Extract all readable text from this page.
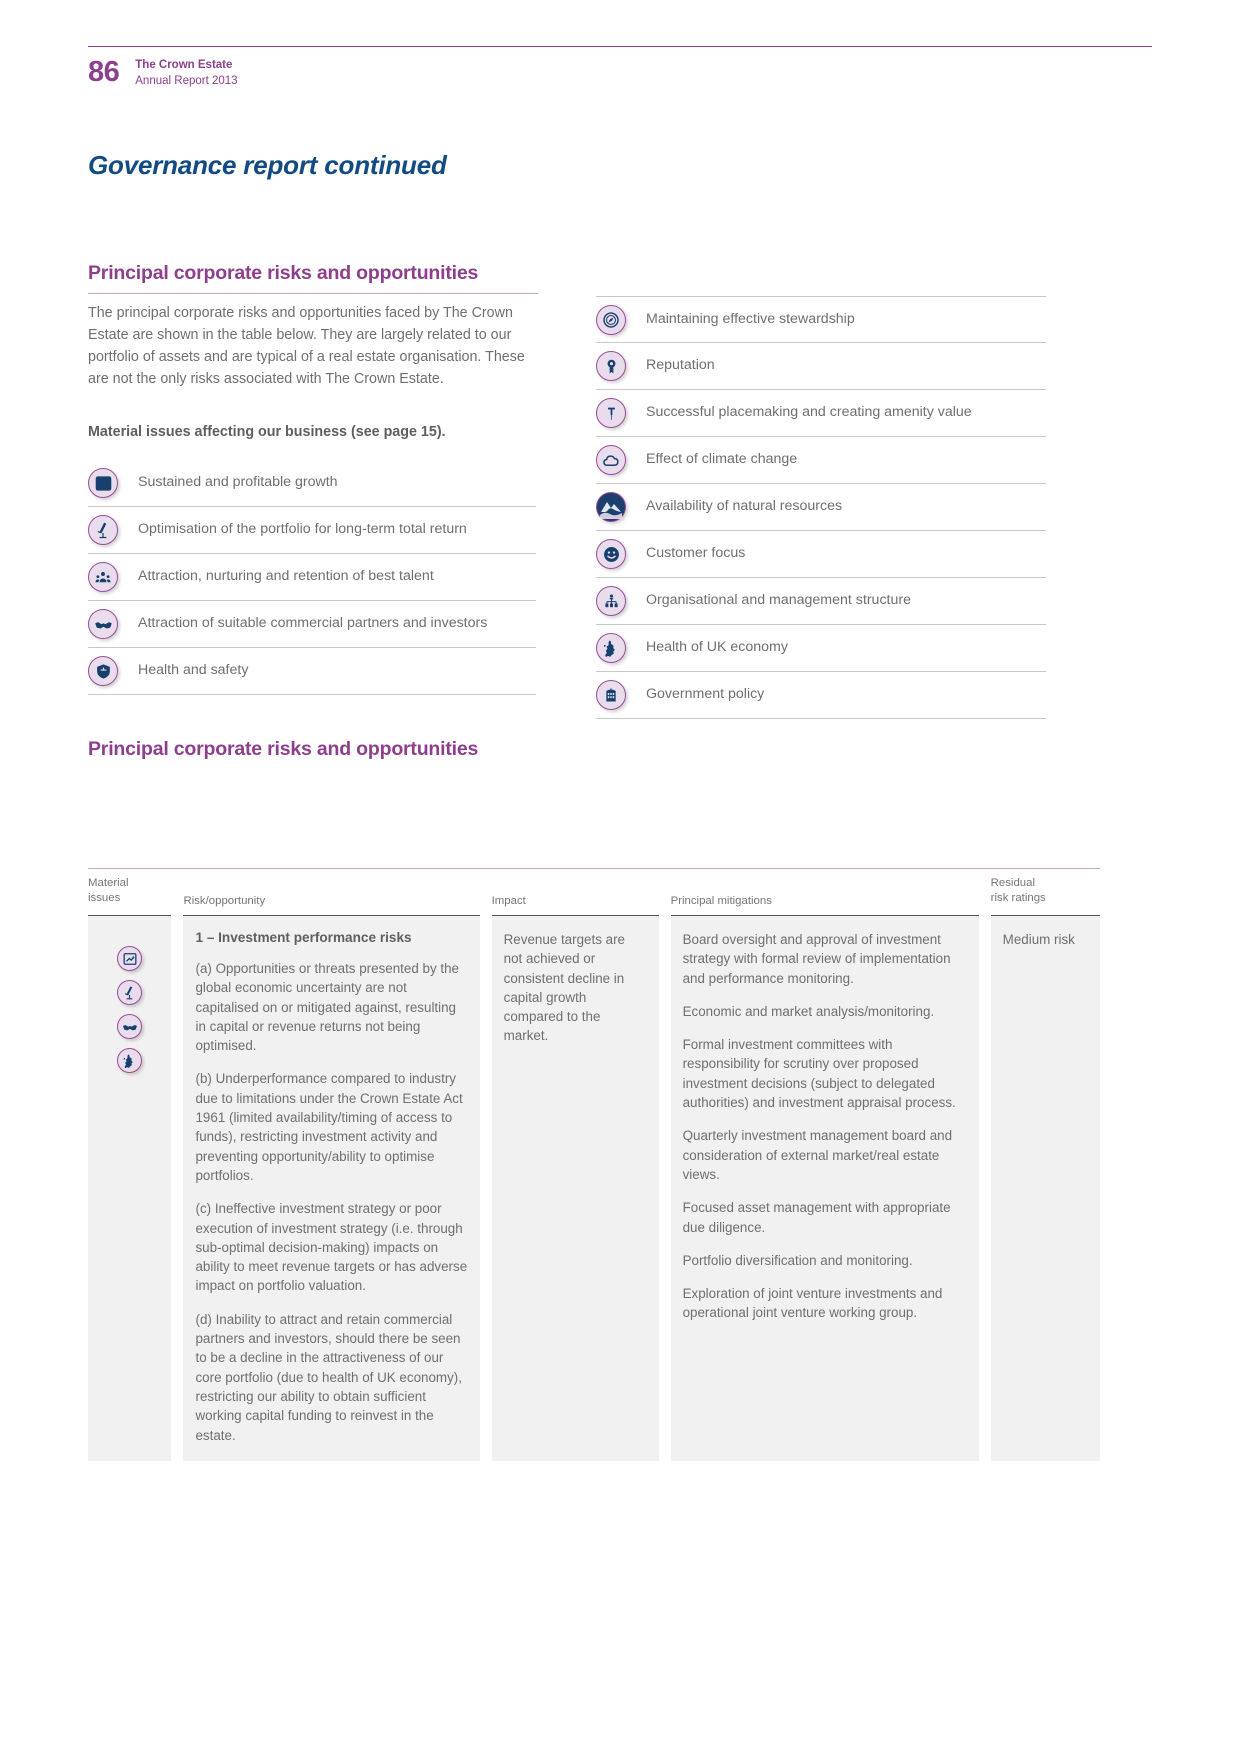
86 The Crown Estate
Annual Report 2013
Governance report continued
Principal corporate risks and opportunities
The principal corporate risks and opportunities faced by The Crown Estate are shown in the table below. They are largely related to our portfolio of assets and are typical of a real estate organisation. These are not the only risks associated with The Crown Estate.
Material issues affecting our business (see page 15).
Sustained and profitable growth
Optimisation of the portfolio for long-term total return
Attraction, nurturing and retention of best talent
Attraction of suitable commercial partners and investors
Health and safety
Maintaining effective stewardship
Reputation
Successful placemaking and creating amenity value
Effect of climate change
Availability of natural resources
Customer focus
Organisational and management structure
Health of UK economy
Government policy
Principal corporate risks and opportunities
Material
issues	Risk/opportunity
1 – Investment performance risks

(a) Opportunities or threats presented by the global economic uncertainty are not capitalised on or mitigated against, resulting in capital or revenue returns not being optimised.

(b) Underperformance compared to industry due to limitations under the Crown Estate Act 1961 (limited availability/timing of access to funds), restricting investment activity and preventing opportunity/ability to optimise portfolios.

(c) Ineffective investment strategy or poor execution of investment strategy (i.e. through sub-optimal decision-making) impacts on ability to meet revenue targets or has adverse impact on portfolio valuation.

(d) Inability to attract and retain commercial partners and investors, should there be seen to be a decline in the attractiveness of our core portfolio (due to health of UK economy), restricting our ability to obtain sufficient working capital funding to reinvest in the estate.

Impact

Revenue targets are not achieved or consistent decline in capital growth compared to the market.

Principal mitigations

Board oversight and approval of investment strategy with formal review of implementation and performance monitoring.

Economic and market analysis/monitoring.

Formal investment committees with responsibility for scrutiny over proposed investment decisions (subject to delegated authorities) and investment appraisal process.

Quarterly investment management board and consideration of external market/real estate views.

Focused asset management with appropriate due diligence.

Portfolio diversification and monitoring.

Exploration of joint venture investments and operational joint venture working group.

Residual
risk ratings

Medium risk
